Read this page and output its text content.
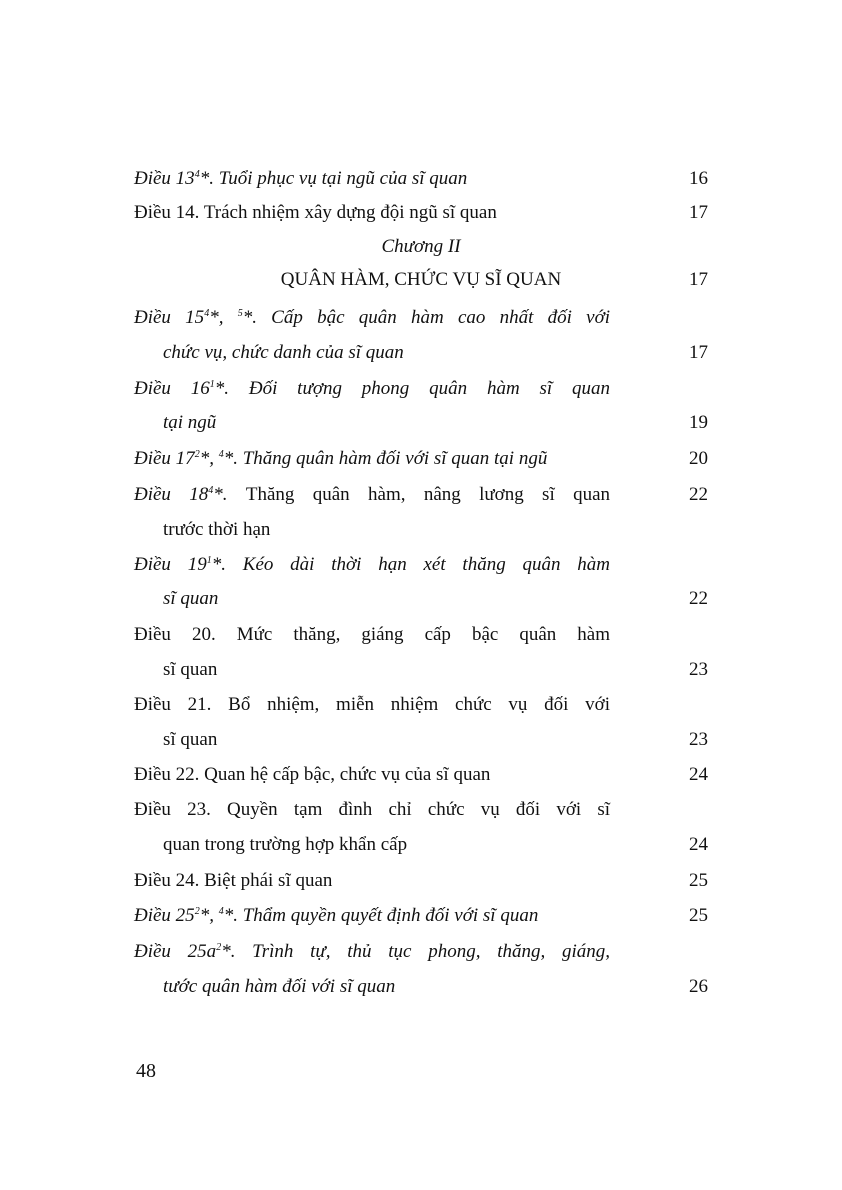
Điều $13^4*$. Tuổi phục vụ tại ngũ của sĩ quan	16
Điều 14. Trách nhiệm xây dựng đội ngũ sĩ quan	17
Chương II
QUÂN HÀM, CHỨC VỤ SĨ QUAN	17
Điều $15^4*$, $^5$*. Cấp bậc quân hàm cao nhất đối với
chức vụ, chức danh của sĩ quan	17
Điều $16^1*$. Đối tượng phong quân hàm sĩ quan
tại ngũ	19
Điều $17^2*$, $^4$*. Thăng quân hàm đối với sĩ quan tại ngũ	20
Điều $18^4*$. Thăng quân hàm, nâng lương sĩ quan	22
trước thời hạn
Điều $19^1*$. Kéo dài thời hạn xét thăng quân hàm
sĩ quan	22
Điều 20. Mức thăng, giáng cấp bậc quân hàm
sĩ quan	23
Điều 21. Bổ nhiệm, miễn nhiệm chức vụ đối với
sĩ quan	23
Điều 22. Quan hệ cấp bậc, chức vụ của sĩ quan	24
Điều 23. Quyền tạm đình chỉ chức vụ đối với sĩ
quan trong trường hợp khẩn cấp	24
Điều 24. Biệt phái sĩ quan	25
Điều $25^2*$, $^4$*. Thẩm quyền quyết định đối với sĩ quan	25
Điều $25a^2*$. Trình tự, thủ tục phong, thăng, giáng,
tước quân hàm đối với sĩ quan	26
48
